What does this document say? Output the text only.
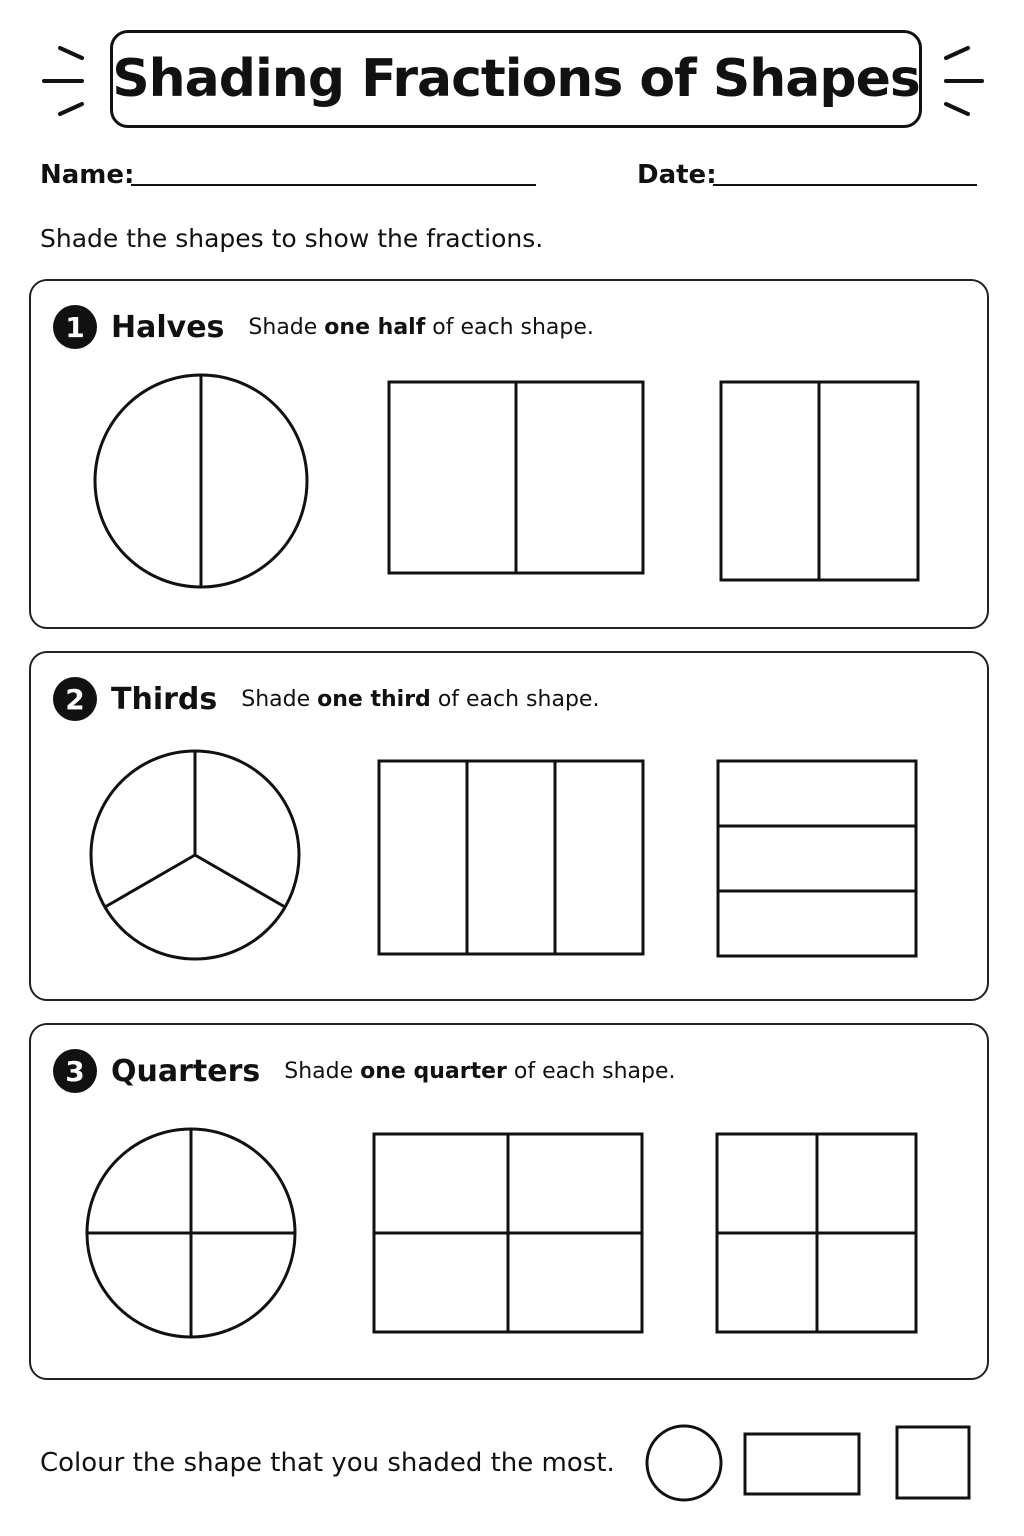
Shading Fractions of Shapes
Name:	Date:
Shade the shapes to show the fractions.
1 Halves Shade one half of each shape.
2 Thirds Shade one third of each shape.
3 Quarters Shade one quarter of each shape.
Colour the shape that you shaded the most.
